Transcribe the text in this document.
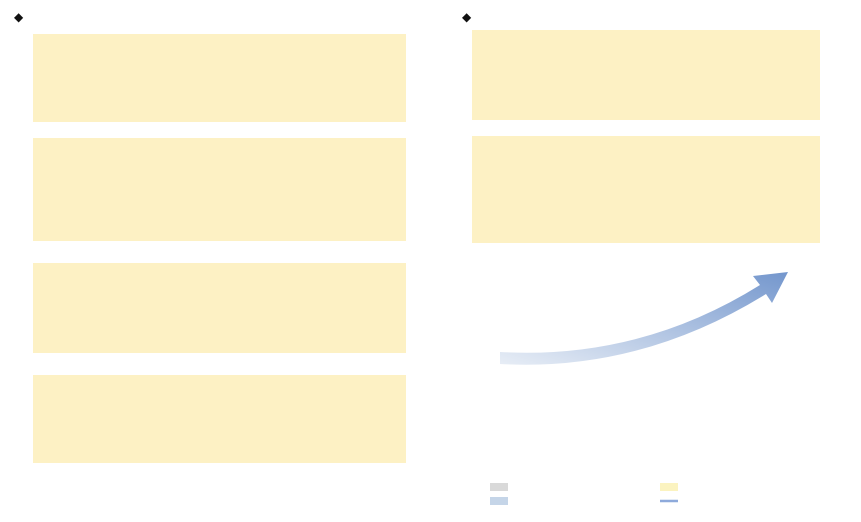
◆	◆
